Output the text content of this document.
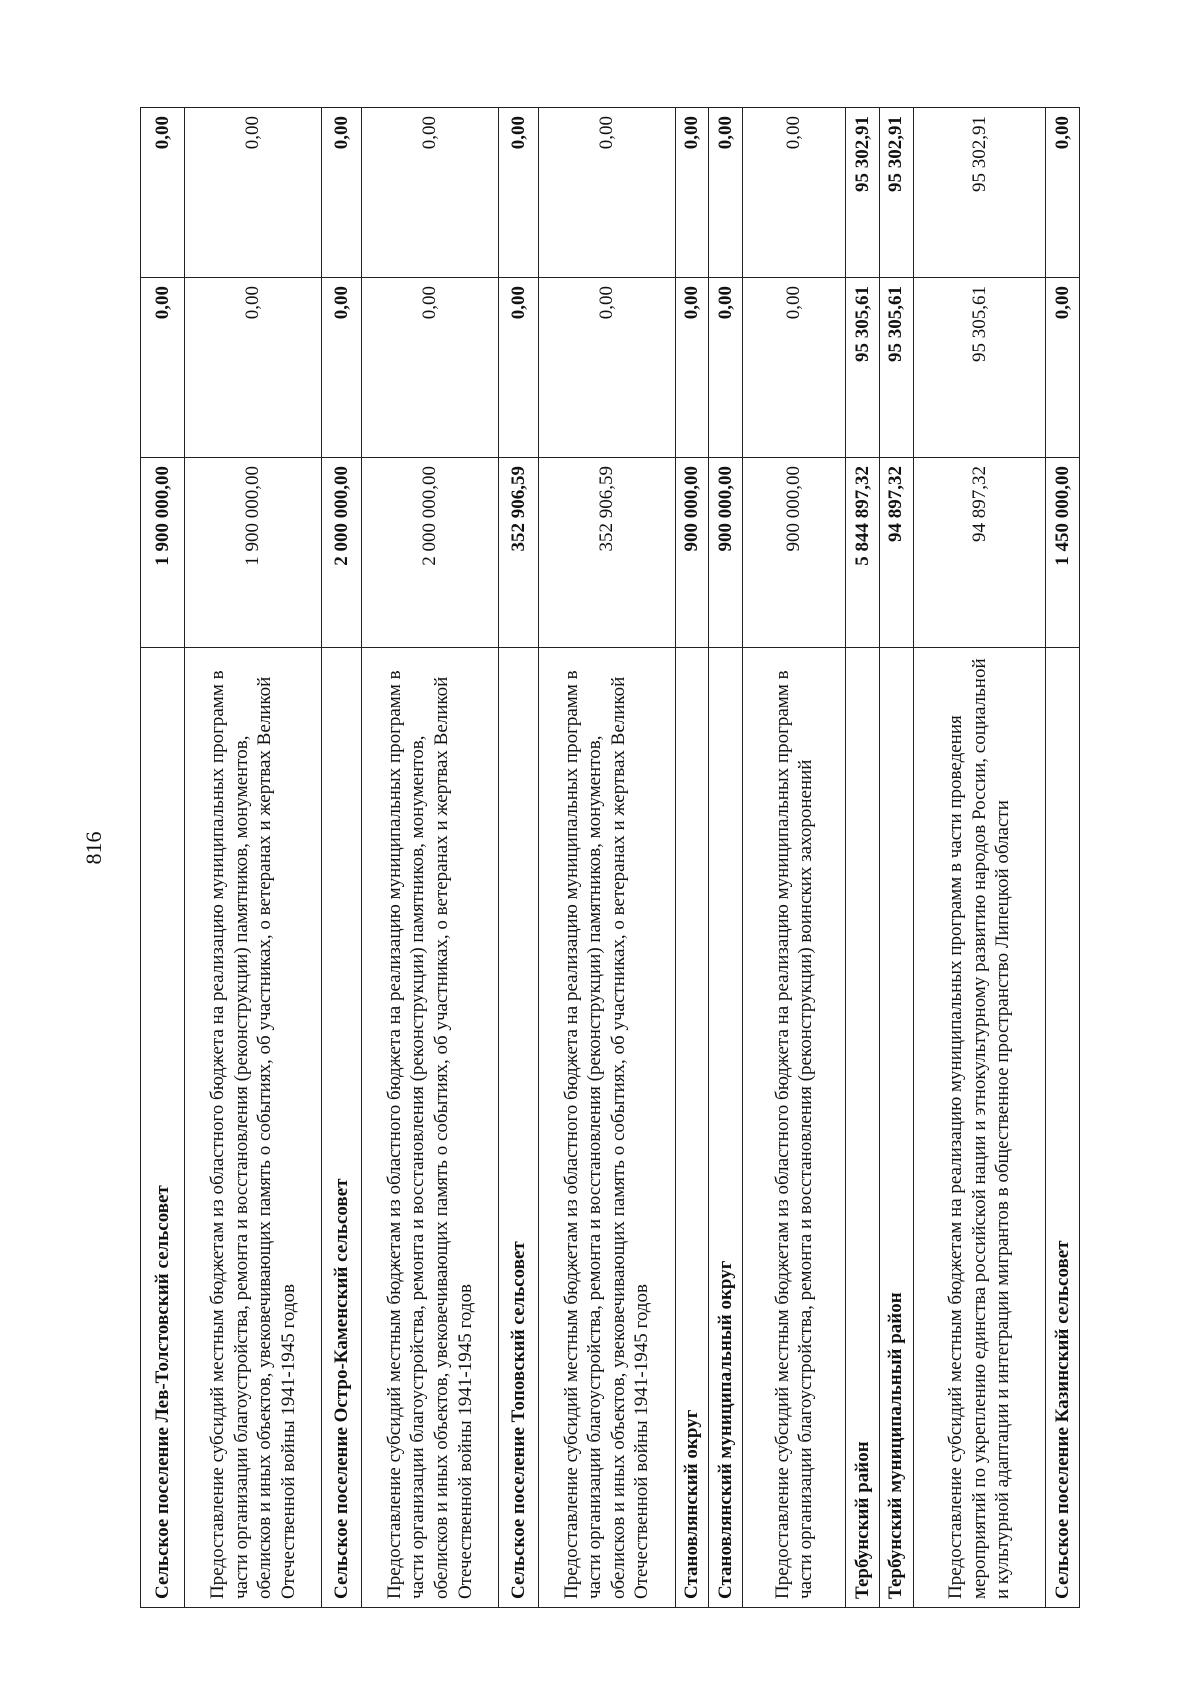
816
Сельское поселение Лев-Толстовский сельсовет	1 900 000,00	0,00	0,00
Предоставление субсидий местным бюджетам из областного бюджета на реализацию муниципальных программ в части организации благоустройства, ремонта и восстановления (реконструкции) памятников, монументов, обелисков и иных объектов, увековечивающих память о событиях, об участниках, о ветеранах и жертвах Великой Отечественной войны 1941-1945 годов	1 900 000,00	0,00	0,00
Сельское поселение Остро-Каменский сельсовет	2 000 000,00	0,00	0,00
Предоставление субсидий местным бюджетам из областного бюджета на реализацию муниципальных программ в части организации благоустройства, ремонта и восстановления (реконструкции) памятников, монументов, обелисков и иных объектов, увековечивающих память о событиях, об участниках, о ветеранах и жертвах Великой Отечественной войны 1941-1945 годов	2 000 000,00	0,00	0,00
Сельское поселение Топовский сельсовет	352 906,59	0,00	0,00
Предоставление субсидий местным бюджетам из областного бюджета на реализацию муниципальных программ в части организации благоустройства, ремонта и восстановления (реконструкции) памятников, монументов, обелисков и иных объектов, увековечивающих память о событиях, об участниках, о ветеранах и жертвах Великой Отечественной войны 1941-1945 годов	352 906,59	0,00	0,00
Становлянский округ	900 000,00	0,00	0,00
Становлянский муниципальный округ	900 000,00	0,00	0,00
Предоставление субсидий местным бюджетам из областного бюджета на реализацию муниципальных программ в части организации благоустройства, ремонта и восстановления (реконструкции) воинских захоронений	900 000,00	0,00	0,00
Тербунский район	5 844 897,32	95 305,61	95 302,91
Тербунский муниципальный район	94 897,32	95 305,61	95 302,91
Предоставление субсидий местным бюджетам на реализацию муниципальных программ в части проведения мероприятий по укреплению единства российской нации и этнокультурному развитию народов России, социальной и культурной адаптации и интеграции мигрантов в общественное пространство Липецкой области	94 897,32	95 305,61	95 302,91
Сельское поселение Казинский сельсовет	1 450 000,00	0,00	0,00
